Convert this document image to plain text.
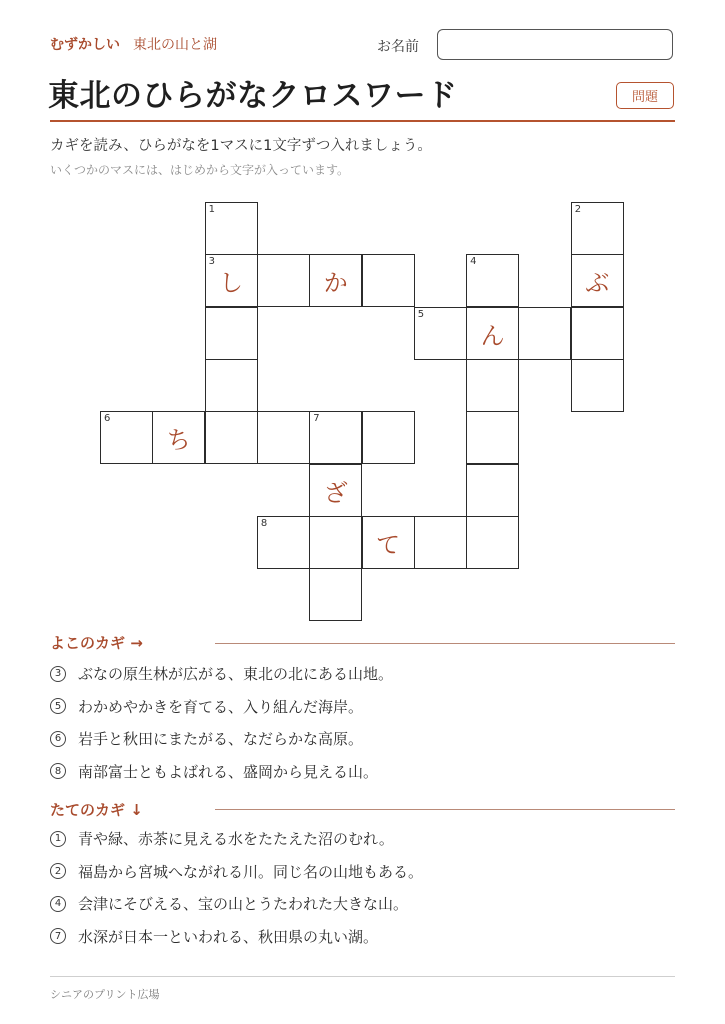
むずかしい 東北の山と湖	お名前
東北のひらがなクロスワード	問題
カギを読み、ひらがなを1マスに1文字ずつ入れましょう。
いくつかのマスには、はじめから文字が入っています。
1	2
3
し	か
4
ぶ
5
ん
6
ち
7
ざ
8
て
よこのカギ →
3	ぶなの原生林が広がる、東北の北にある山地。
5	わかめやかきを育てる、入り組んだ海岸。
6	岩手と秋田にまたがる、なだらかな高原。
8	南部富士ともよばれる、盛岡から見える山。
たてのカギ ↓
1	青や緑、赤茶に見える水をたたえた沼のむれ。
2	福島から宮城へながれる川。同じ名の山地もある。
4	会津にそびえる、宝の山とうたわれた大きな山。
7	水深が日本一といわれる、秋田県の丸い湖。
シニアのプリント広場
